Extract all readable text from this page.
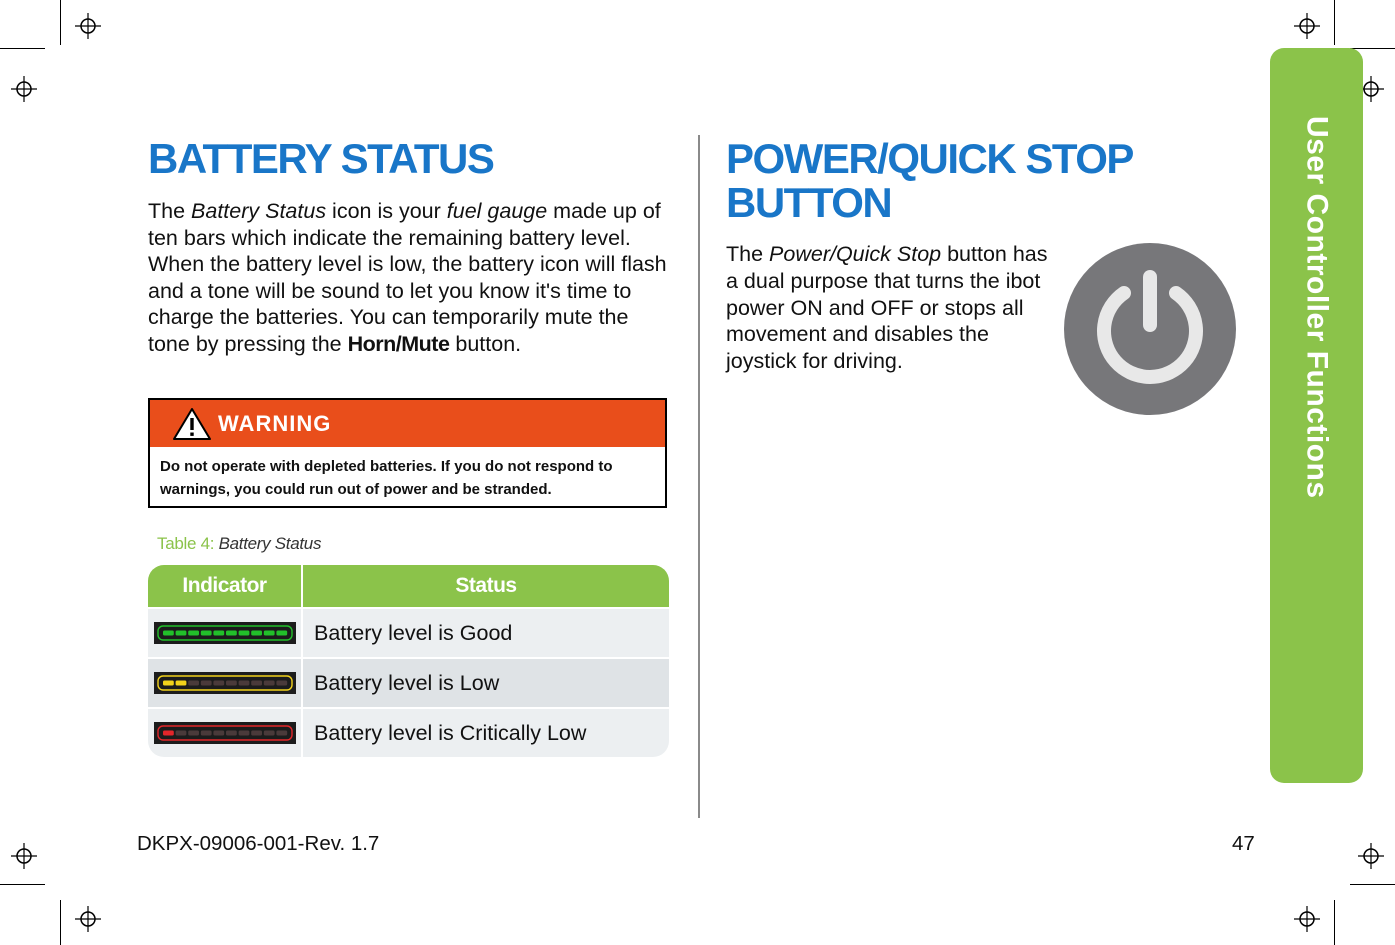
User Controller Functions
BATTERY STATUS
The Battery Status icon is your fuel gauge made up of ten bars which indicate the remaining battery level. When the battery level is low, the battery icon will flash and a tone will be sound to let you know it's time to charge the batteries. You can temporarily mute the tone by pressing the Horn/Mute button.
WARNING
Do not operate with depleted batteries. If you do not respond to warnings, you could run out of power and be stranded.
Table 4: Battery Status
Indicator	Status
Battery level is Good
Battery level is Low
Battery level is Critically Low
POWER/QUICK STOP
BUTTON
The Power/Quick Stop button has a dual purpose that turns the ibot power ON and OFF or stops all movement and disables the joystick for driving.
DKPX-09006-001-Rev. 1.7	47
